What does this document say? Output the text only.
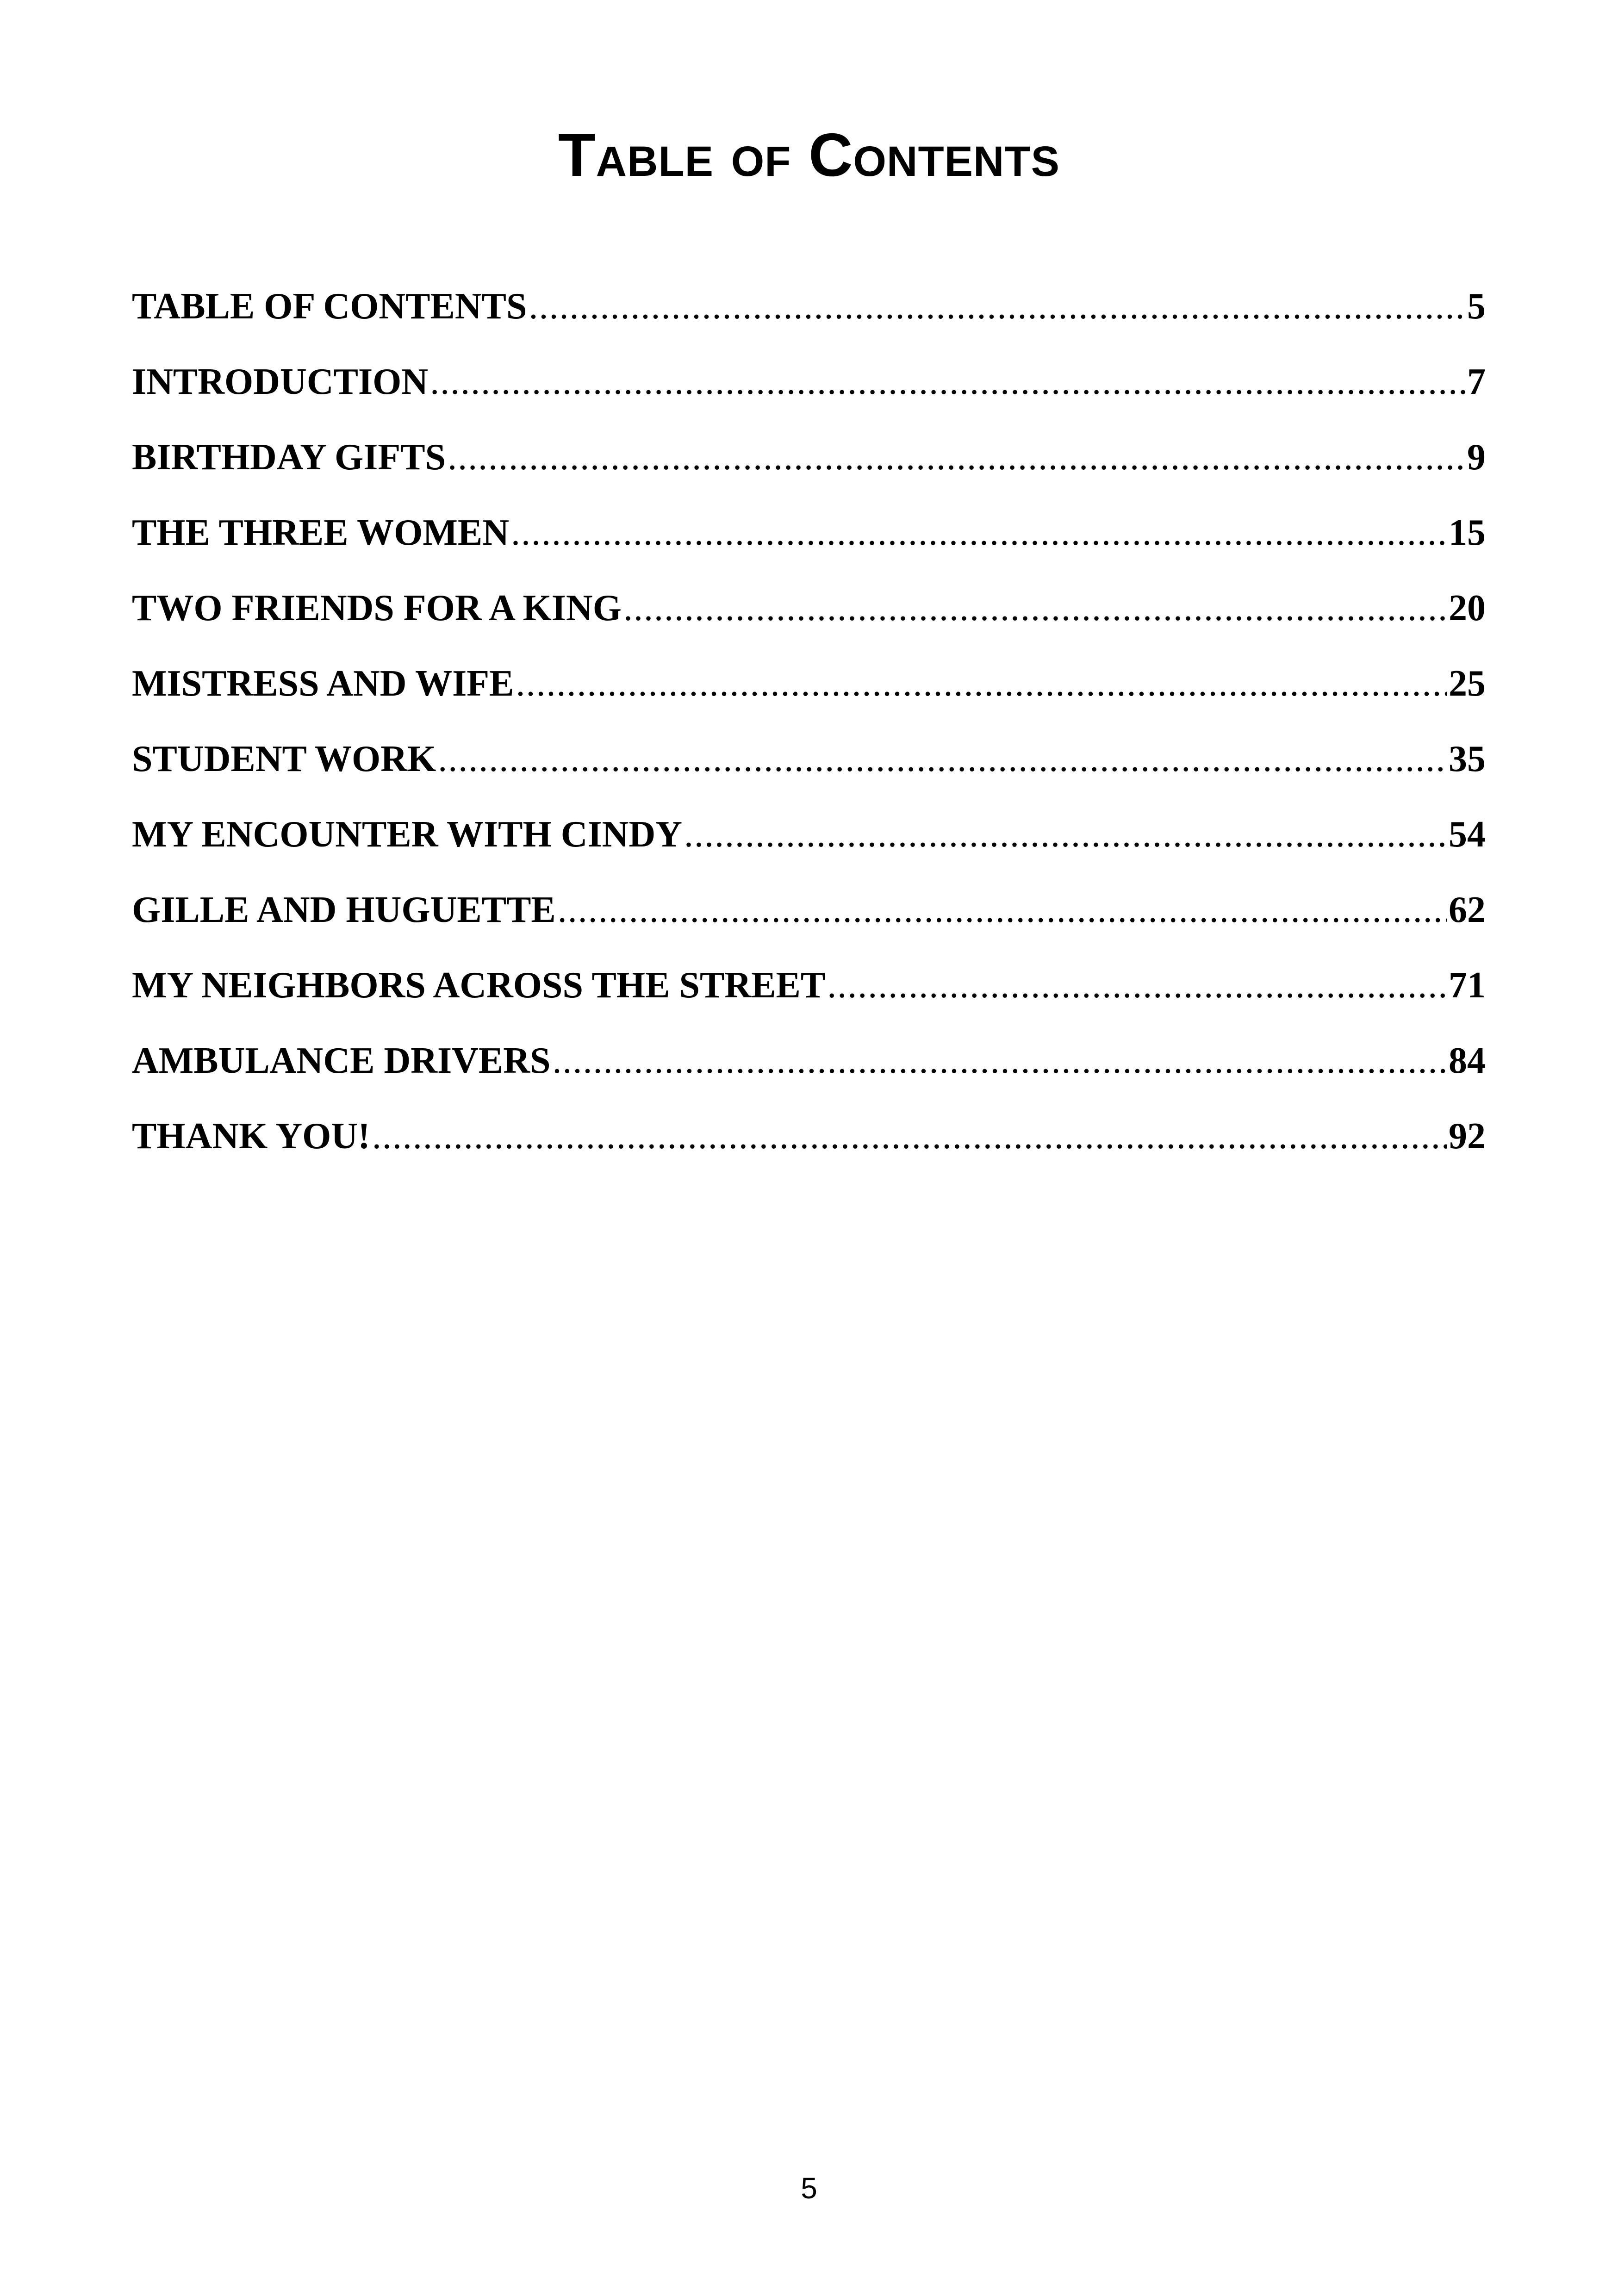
Table of Contents
TABLE OF CONTENTS .....	5
INTRODUCTION .....	7
BIRTHDAY GIFTS .....	9
THE THREE WOMEN .....	15
TWO FRIENDS FOR A KING .....	20
MISTRESS AND WIFE .....	25
STUDENT WORK .....	35
MY ENCOUNTER WITH CINDY .....	54
GILLE AND HUGUETTE .....	62
MY NEIGHBORS ACROSS THE STREET .....	71
AMBULANCE DRIVERS .....	84
THANK YOU! .....	92
5
